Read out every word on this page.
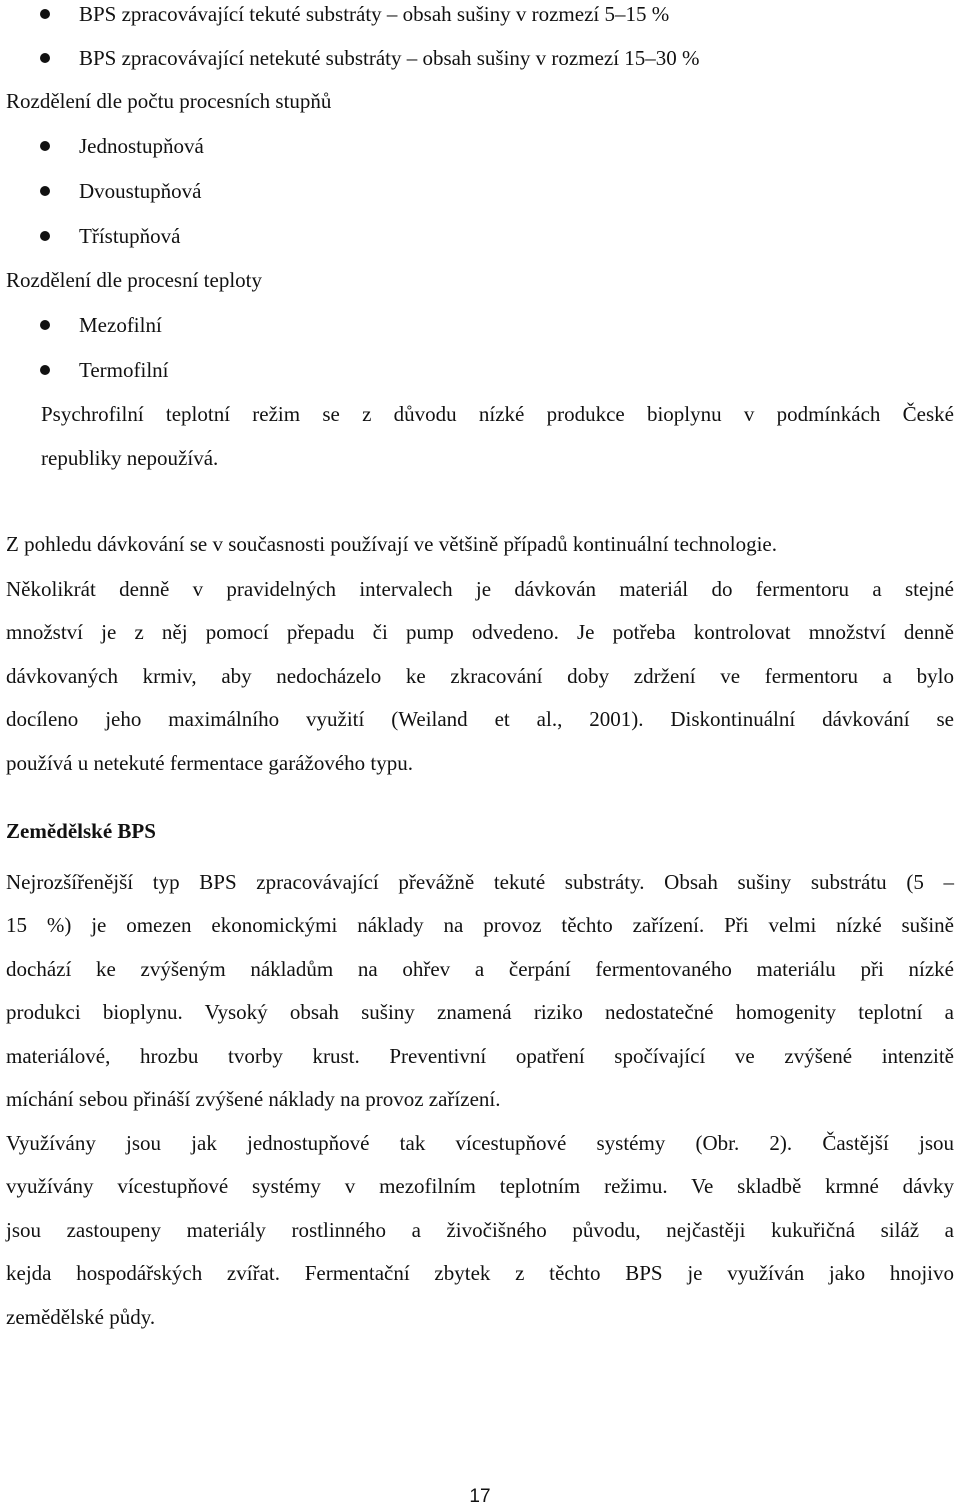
BPS zpracovávající tekuté substráty – obsah sušiny v rozmezí 5–15 %
BPS zpracovávající netekuté substráty – obsah sušiny v rozmezí 15–30 %
Rozdělení dle počtu procesních stupňů
Jednostupňová
Dvoustupňová
Třístupňová
Rozdělení dle procesní teploty
Mezofilní
Termofilní
Psychrofilní teplotní režim se z důvodu nízké produkce bioplynu v podmínkách České
republiky nepoužívá.
Z pohledu dávkování se v současnosti používají ve většině případů kontinuální technologie.
Několikrát denně v pravidelných intervalech je dávkován materiál do fermentoru a stejné
množství je z něj pomocí přepadu či pump odvedeno. Je potřeba kontrolovat množství denně
dávkovaných krmiv, aby nedocházelo ke zkracování doby zdržení ve fermentoru a bylo
docíleno jeho maximálního využití (Weiland et al., 2001). Diskontinuální dávkování se
používá u netekuté fermentace garážového typu.
Zemědělské BPS
Nejrozšířenější typ BPS zpracovávající převážně tekuté substráty. Obsah sušiny substrátu (5 –
15 %) je omezen ekonomickými náklady na provoz těchto zařízení. Při velmi nízké sušině
dochází ke zvýšeným nákladům na ohřev a čerpání fermentovaného materiálu při nízké
produkci bioplynu. Vysoký obsah sušiny znamená riziko nedostatečné homogenity teplotní a
materiálové, hrozbu tvorby krust. Preventivní opatření spočívající ve zvýšené intenzitě
míchání sebou přináší zvýšené náklady na provoz zařízení.
Využívány jsou jak jednostupňové tak vícestupňové systémy (Obr. 2). Častější jsou
využívány vícestupňové systémy v mezofilním teplotním režimu. Ve skladbě krmné dávky
jsou zastoupeny materiály rostlinného a živočišného původu, nejčastěji kukuřičná siláž a
kejda hospodářských zvířat. Fermentační zbytek z těchto BPS je využíván jako hnojivo
zemědělské půdy.
17
